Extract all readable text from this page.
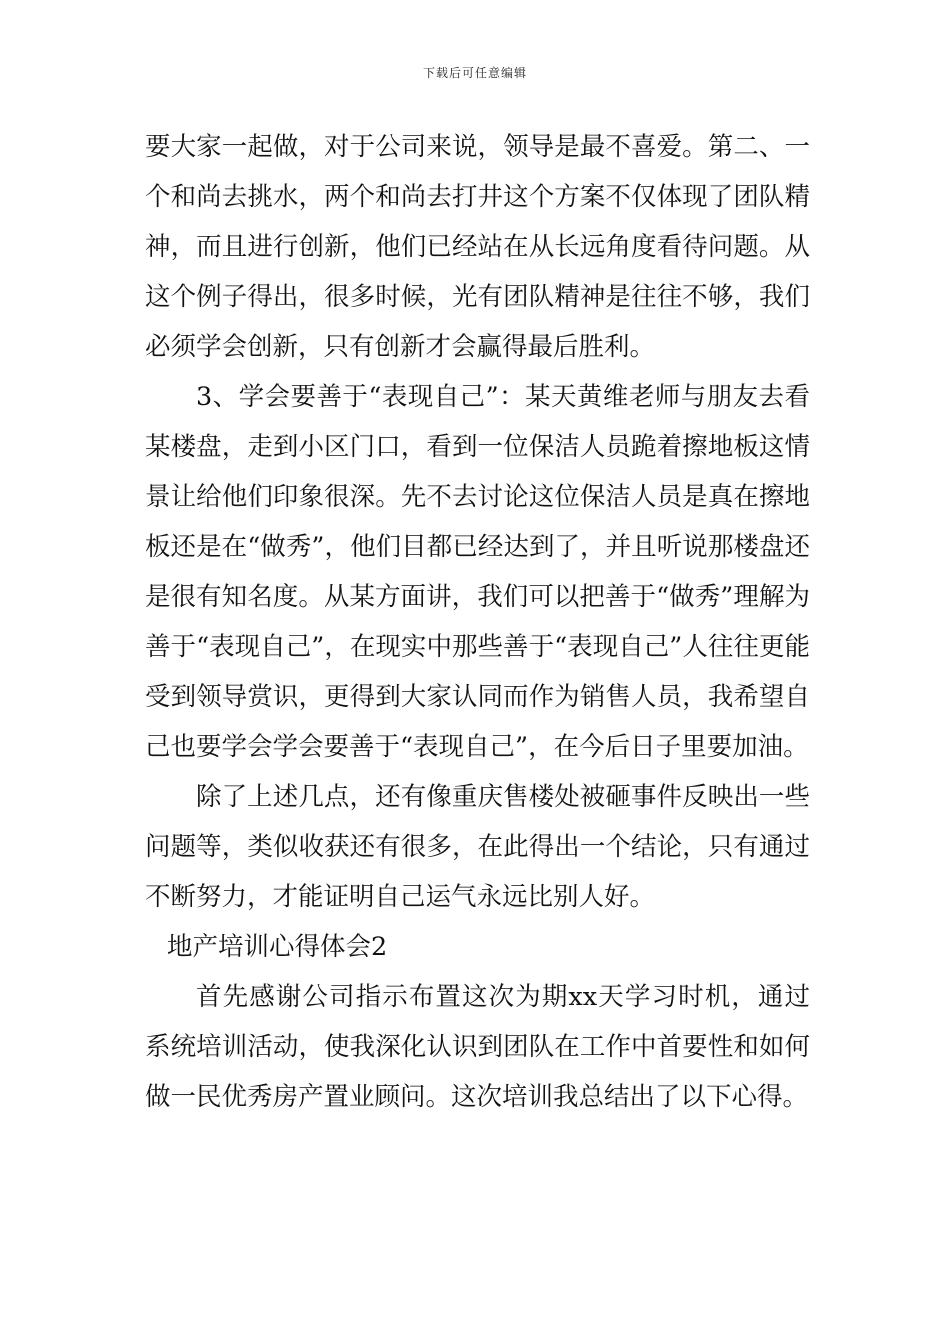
下载后可任意编辑

要大家一起做，对于公司来说，领导是最不喜爱。第二、一个和尚去挑水，两个和尚去打井这个方案不仅体现了团队精神，而且进行创新，他们已经站在从长远角度看待问题。从这个例子得出，很多时候，光有团队精神是往往不够，我们必须学会创新，只有创新才会赢得最后胜利。

3、学会要善于“表现自己”：某天黄维老师与朋友去看某楼盘，走到小区门口，看到一位保洁人员跪着擦地板这情景让给他们印象很深。先不去讨论这位保洁人员是真在擦地板还是在“做秀”，他们目都已经达到了，并且听说那楼盘还是很有知名度。从某方面讲，我们可以把善于“做秀”理解为善于“表现自己”，在现实中那些善于“表现自己”人往往更能受到领导赏识，更得到大家认同而作为销售人员，我希望自己也要学会学会要善于“表现自己”，在今后日子里要加油。

除了上述几点，还有像重庆售楼处被砸事件反映出一些问题等，类似收获还有很多，在此得出一个结论，只有通过不断努力，才能证明自己运气永远比别人好。

地产培训心得体会2

首先感谢公司指示布置这次为期xx天学习时机，通过系统培训活动，使我深化认识到团队在工作中首要性和如何做一民优秀房产置业顾问。这次培训我总结出了以下心得。
